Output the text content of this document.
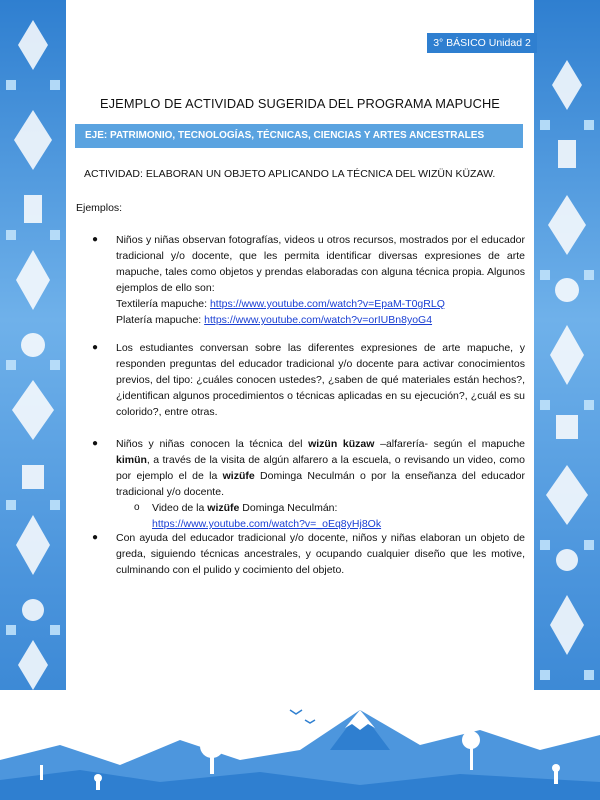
3° BÁSICO Unidad 2
EJEMPLO DE ACTIVIDAD SUGERIDA DEL PROGRAMA MAPUCHE
EJE: PATRIMONIO, TECNOLOGÍAS, TÉCNICAS, CIENCIAS Y ARTES ANCESTRALES
ACTIVIDAD: ELABORAN UN OBJETO APLICANDO LA TÉCNICA DEL WIZÜN KÜZAW.
Ejemplos:
● Niños y niñas observan fotografías, videos u otros recursos, mostrados por el educador tradicional y/o docente, que les permita identificar diversas expresiones de arte mapuche, tales como objetos y prendas elaboradas con alguna técnica propia. Algunos ejemplos de ello son:
Textilería mapuche: https://www.youtube.com/watch?v=EpaM-T0gRLQ
Platería mapuche: https://www.youtube.com/watch?v=orIUBn8yoG4
● Los estudiantes conversan sobre las diferentes expresiones de arte mapuche, y responden preguntas del educador tradicional y/o docente para activar conocimientos previos, del tipo: ¿cuáles conocen ustedes?, ¿saben de qué materiales están hechos?, ¿identifican algunos procedimientos o técnicas aplicadas en su ejecución?, ¿cuál es su colorido?, entre otras.
● Niños y niñas conocen la técnica del wizün küzaw –alfarería- según el mapuche kimün, a través de la visita de algún alfarero a la escuela, o revisando un video, como por ejemplo el de la wizüfe Dominga Neculmán o por la enseñanza del educador tradicional y/o docente.
o Video de la wizüfe Dominga Neculmán:
https://www.youtube.com/watch?v=_oEq8yHj8Ok
● Con ayuda del educador tradicional y/o docente, niños y niñas elaboran un objeto de greda, siguiendo técnicas ancestrales, y ocupando cualquier diseño que les motive, culminando con el pulido y cocimiento del objeto.
